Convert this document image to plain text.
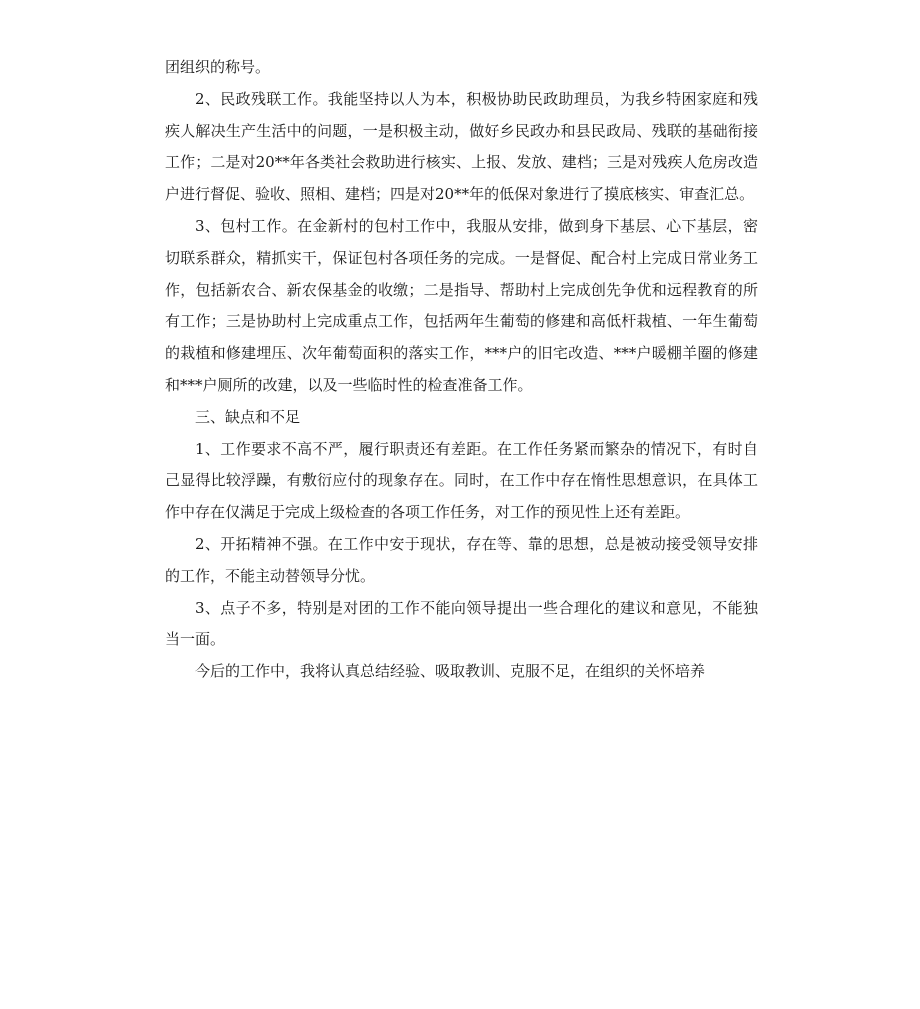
团组织的称号。

2、民政残联工作。我能坚持以人为本，积极协助民政助理员，为我乡特困家庭和残疾人解决生产生活中的问题，一是积极主动，做好乡民政办和县民政局、残联的基础衔接工作；二是对20**年各类社会救助进行核实、上报、发放、建档；三是对残疾人危房改造户进行督促、验收、照相、建档；四是对20**年的低保对象进行了摸底核实、审查汇总。

3、包村工作。在金新村的包村工作中，我服从安排，做到身下基层、心下基层，密切联系群众，精抓实干，保证包村各项任务的完成。一是督促、配合村上完成日常业务工作，包括新农合、新农保基金的收缴；二是指导、帮助村上完成创先争优和远程教育的所有工作；三是协助村上完成重点工作，包括两年生葡萄的修建和高低杆栽植、一年生葡萄的栽植和修建埋压、次年葡萄面积的落实工作，***户的旧宅改造、***户暖棚羊圈的修建和***户厕所的改建，以及一些临时性的检查准备工作。

三、缺点和不足

1、工作要求不高不严，履行职责还有差距。在工作任务紧而繁杂的情况下，有时自己显得比较浮躁，有敷衍应付的现象存在。同时，在工作中存在惰性思想意识，在具体工作中存在仅满足于完成上级检查的各项工作任务，对工作的预见性上还有差距。

2、开拓精神不强。在工作中安于现状，存在等、靠的思想，总是被动接受领导安排的工作，不能主动替领导分忧。

3、点子不多，特别是对团的工作不能向领导提出一些合理化的建议和意见，不能独当一面。

今后的工作中，我将认真总结经验、吸取教训、克服不足，在组织的关怀培养
